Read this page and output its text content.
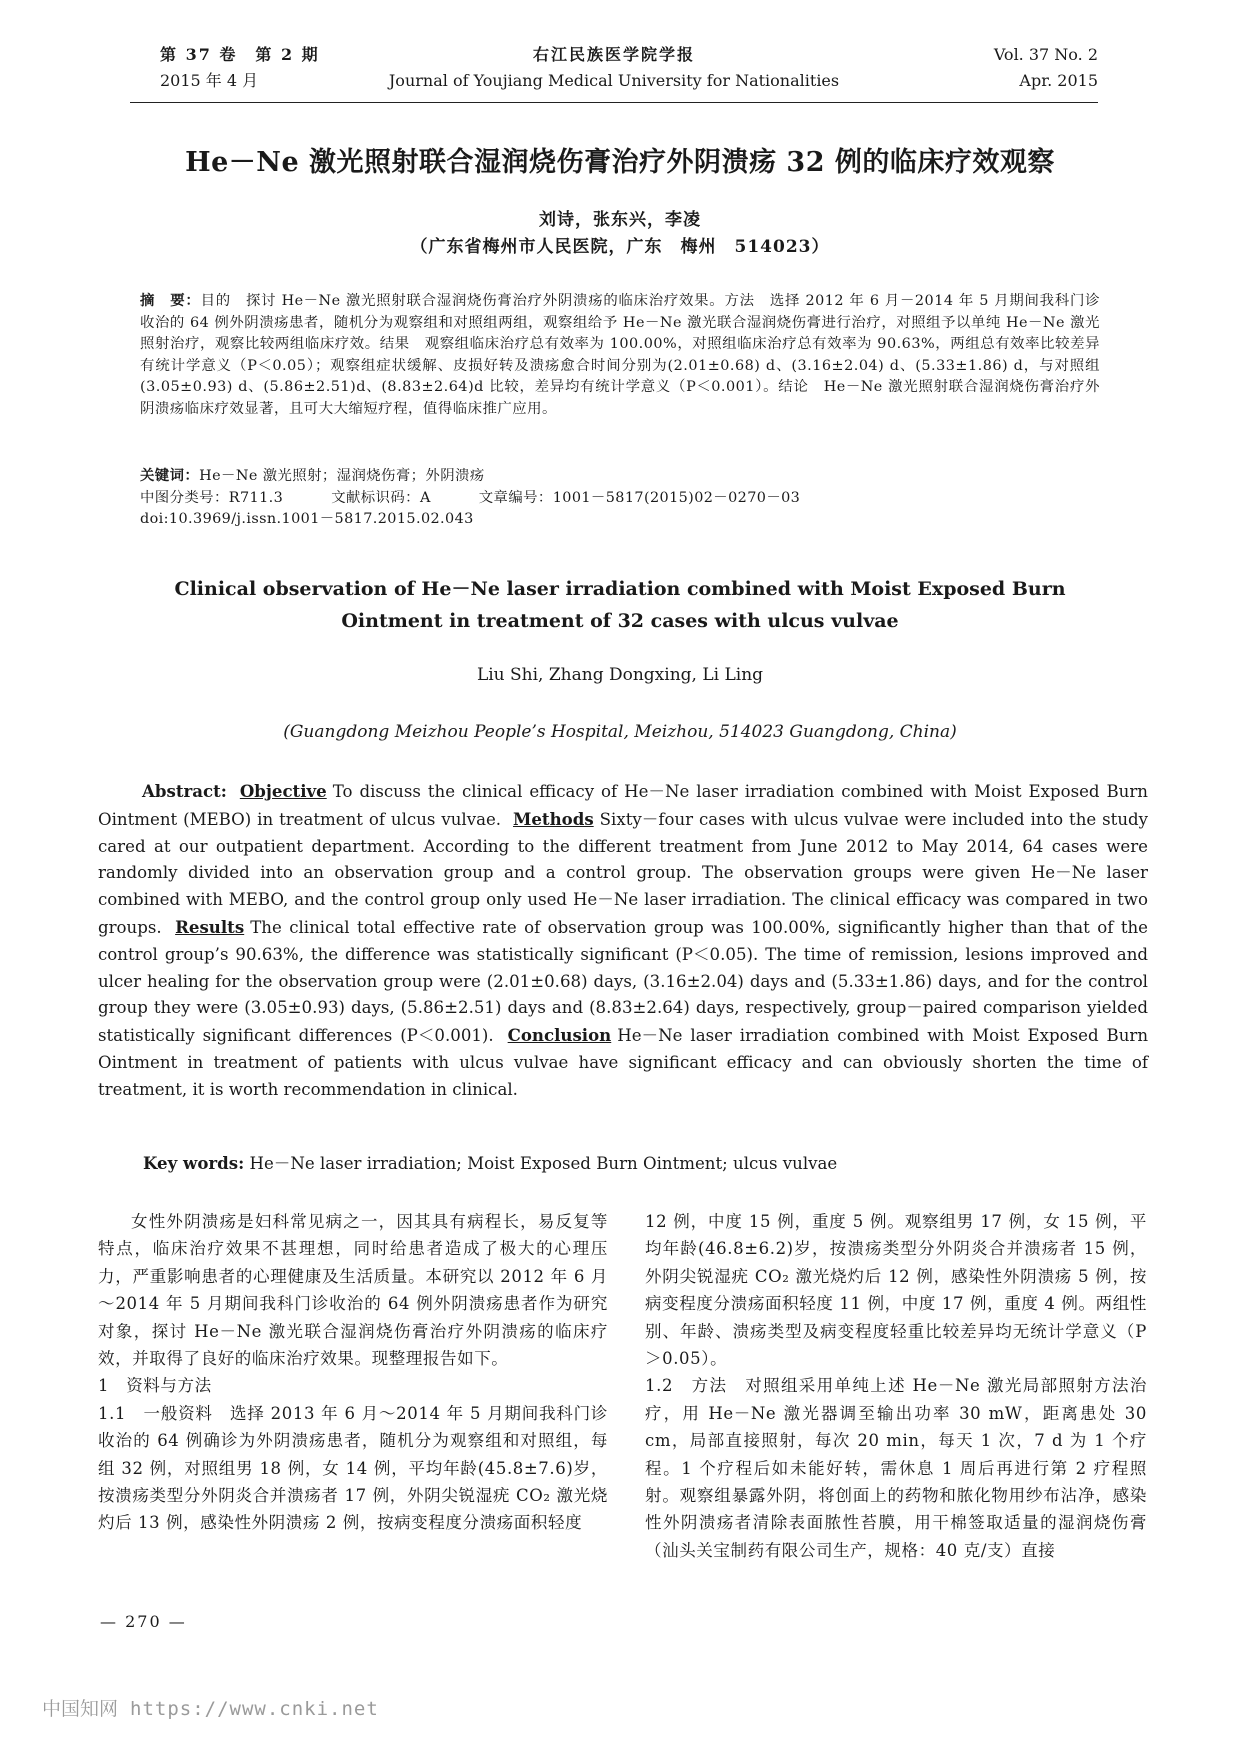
第 37 卷　第 2 期
2015 年 4 月
右江民族医学院学报
Journal of Youjiang Medical University for Nationalities
Vol. 37 No. 2
Apr. 2015
He－Ne 激光照射联合湿润烧伤膏治疗外阴溃疡 32 例的临床疗效观察
刘诗，张东兴，李凌
（广东省梅州市人民医院，广东　梅州　514023）
摘　要：目的　探讨 He－Ne 激光照射联合湿润烧伤膏治疗外阴溃疡的临床治疗效果。方法　选择 2012 年 6 月－2014 年 5 月期间我科门诊收治的 64 例外阴溃疡患者，随机分为观察组和对照组两组，观察组给予 He－Ne 激光联合湿润烧伤膏进行治疗，对照组予以单纯 He－Ne 激光照射治疗，观察比较两组临床疗效。结果　观察组临床治疗总有效率为 100.00%，对照组临床治疗总有效率为 90.63%，两组总有效率比较差异有统计学意义（P＜0.05）；观察组症状缓解、皮损好转及溃疡愈合时间分别为(2.01±0.68) d、(3.16±2.04) d、(5.33±1.86) d，与对照组(3.05±0.93) d、(5.86±2.51)d、(8.83±2.64)d 比较，差异均有统计学意义（P＜0.001）。结论　He－Ne 激光照射联合湿润烧伤膏治疗外阴溃疡临床疗效显著，且可大大缩短疗程，值得临床推广应用。
关键词：He－Ne 激光照射；湿润烧伤膏；外阴溃疡
中图分类号：R711.3	文献标识码：A	文章编号：1001－5817(2015)02－0270－03
doi:10.3969/j.issn.1001－5817.2015.02.043
Clinical observation of He－Ne laser irradiation combined with Moist Exposed Burn
Ointment in treatment of 32 cases with ulcus vulvae
Liu Shi, Zhang Dongxing, Li Ling
(Guangdong Meizhou People’s Hospital, Meizhou, 514023 Guangdong, China)
Abstract: Objective To discuss the clinical efficacy of He－Ne laser irradiation combined with Moist Exposed Burn Ointment (MEBO) in treatment of ulcus vulvae. Methods Sixty－four cases with ulcus vulvae were included into the study cared at our outpatient department. According to the different treatment from June 2012 to May 2014, 64 cases were randomly divided into an observation group and a control group. The observation groups were given He－Ne laser combined with MEBO, and the control group only used He－Ne laser irradiation. The clinical efficacy was compared in two groups. Results The clinical total effective rate of observation group was 100.00%, significantly higher than that of the control group’s 90.63%, the difference was statistically significant (P＜0.05). The time of remission, lesions improved and ulcer healing for the observation group were (2.01±0.68) days, (3.16±2.04) days and (5.33±1.86) days, and for the control group they were (3.05±0.93) days, (5.86±2.51) days and (8.83±2.64) days, respectively, group－paired comparison yielded statistically significant differences (P＜0.001). Conclusion He－Ne laser irradiation combined with Moist Exposed Burn Ointment in treatment of patients with ulcus vulvae have significant efficacy and can obviously shorten the time of treatment, it is worth recommendation in clinical.
Key words: He－Ne laser irradiation; Moist Exposed Burn Ointment; ulcus vulvae

女性外阴溃疡是妇科常见病之一，因其具有病程长，易反复等特点，临床治疗效果不甚理想，同时给患者造成了极大的心理压力，严重影响患者的心理健康及生活质量。本研究以 2012 年 6 月～2014 年 5 月期间我科门诊收治的 64 例外阴溃疡患者作为研究对象，探讨 He－Ne 激光联合湿润烧伤膏治疗外阴溃疡的临床疗效，并取得了良好的临床治疗效果。现整理报告如下。

1　资料与方法

1.1　一般资料　选择 2013 年 6 月～2014 年 5 月期间我科门诊收治的 64 例确诊为外阴溃疡患者，随机分为观察组和对照组，每组 32 例，对照组男 18 例，女 14 例，平均年龄(45.8±7.6)岁，按溃疡类型分外阴炎合并溃疡者 17 例，外阴尖锐湿疣 CO₂ 激光烧灼后 13 例，感染性外阴溃疡 2 例，按病变程度分溃疡面积轻度

12 例，中度 15 例，重度 5 例。观察组男 17 例，女 15 例，平均年龄(46.8±6.2)岁，按溃疡类型分外阴炎合并溃疡者 15 例，外阴尖锐湿疣 CO₂ 激光烧灼后 12 例，感染性外阴溃疡 5 例，按病变程度分溃疡面积轻度 11 例，中度 17 例，重度 4 例。两组性别、年龄、溃疡类型及病变程度轻重比较差异均无统计学意义（P＞0.05）。

1.2　方法　对照组采用单纯上述 He－Ne 激光局部照射方法治疗，用 He－Ne 激光器调至输出功率 30 mW，距离患处 30 cm，局部直接照射，每次 20 min，每天 1 次，7 d 为 1 个疗程。1 个疗程后如未能好转，需休息 1 周后再进行第 2 疗程照射。观察组暴露外阴，将创面上的药物和脓化物用纱布沾净，感染性外阴溃疡者清除表面脓性苔膜，用干棉签取适量的湿润烧伤膏（汕头关宝制药有限公司生产，规格：40 克/支）直接

— 270 —
中国知网 https://www.cnki.net
